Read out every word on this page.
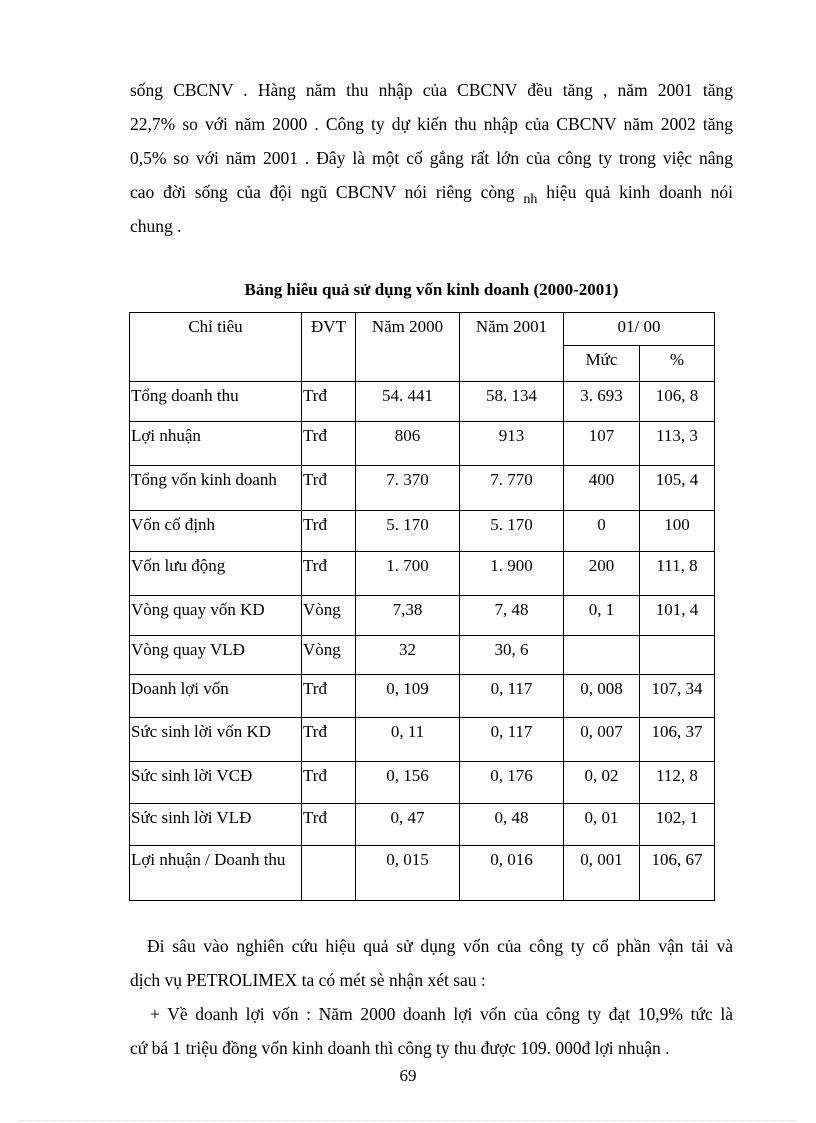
sống CBCNV . Hàng năm thu nhập của CBCNV đều tăng , năm 2001 tăng
22,7% so với năm 2000 . Công ty dự kiến thu nhập của CBCNV năm 2002 tăng
0,5% so với năm 2001 . Đây là một cố gắng rất lớn của công ty trong việc nâng
cao đời sống của đội ngũ CBCNV nói riêng còng $_{nh}$ hiệu quả kinh doanh nói
chung .
Bảng hiêu quả sử dụng vốn kinh doanh (2000-2001)
Chỉ tiêu	ĐVT	Năm 2000	Năm 2001	01/ 00	
				Mức	%
Tổng doanh thu	Trđ	54. 441	58. 134	3. 693	106, 8
Lợi nhuận	Trđ	806	913	107	113, 3
Tổng vốn kinh doanh	Trđ	7. 370	7. 770	400	105, 4
Vốn cố định	Trđ	5. 170	5. 170	0	100
Vốn lưu động	Trđ	1. 700	1. 900	200	111, 8
Vòng quay vốn KD	Vòng	7,38	7, 48	0, 1	101, 4
Vòng quay VLĐ	Vòng	32	30, 6		
Doanh lợi vốn	Trđ	0, 109	0, 117	0, 008	107, 34
Sức sinh lời vốn KD	Trđ	0, 11	0, 117	0, 007	106, 37
Sức sinh lời VCĐ	Trđ	0, 156	0, 176	0, 02	112, 8
Sức sinh lời VLĐ	Trđ	0, 47	0, 48	0, 01	102, 1
Lợi nhuận / Doanh thu		0, 015	0, 016	0, 001	106, 67
Đi sâu vào nghiên cứu hiệu quả sử dụng vốn của công ty cổ phần vận tải và
dịch vụ PETROLIMEX ta có mét sè nhận xét sau :
+ Về doanh lợi vốn : Năm 2000 doanh lợi vốn của công ty đạt 10,9% tức là
cứ bá 1 triệu đồng vốn kinh doanh thì công ty thu được 109. 000đ lợi nhuận .
69
